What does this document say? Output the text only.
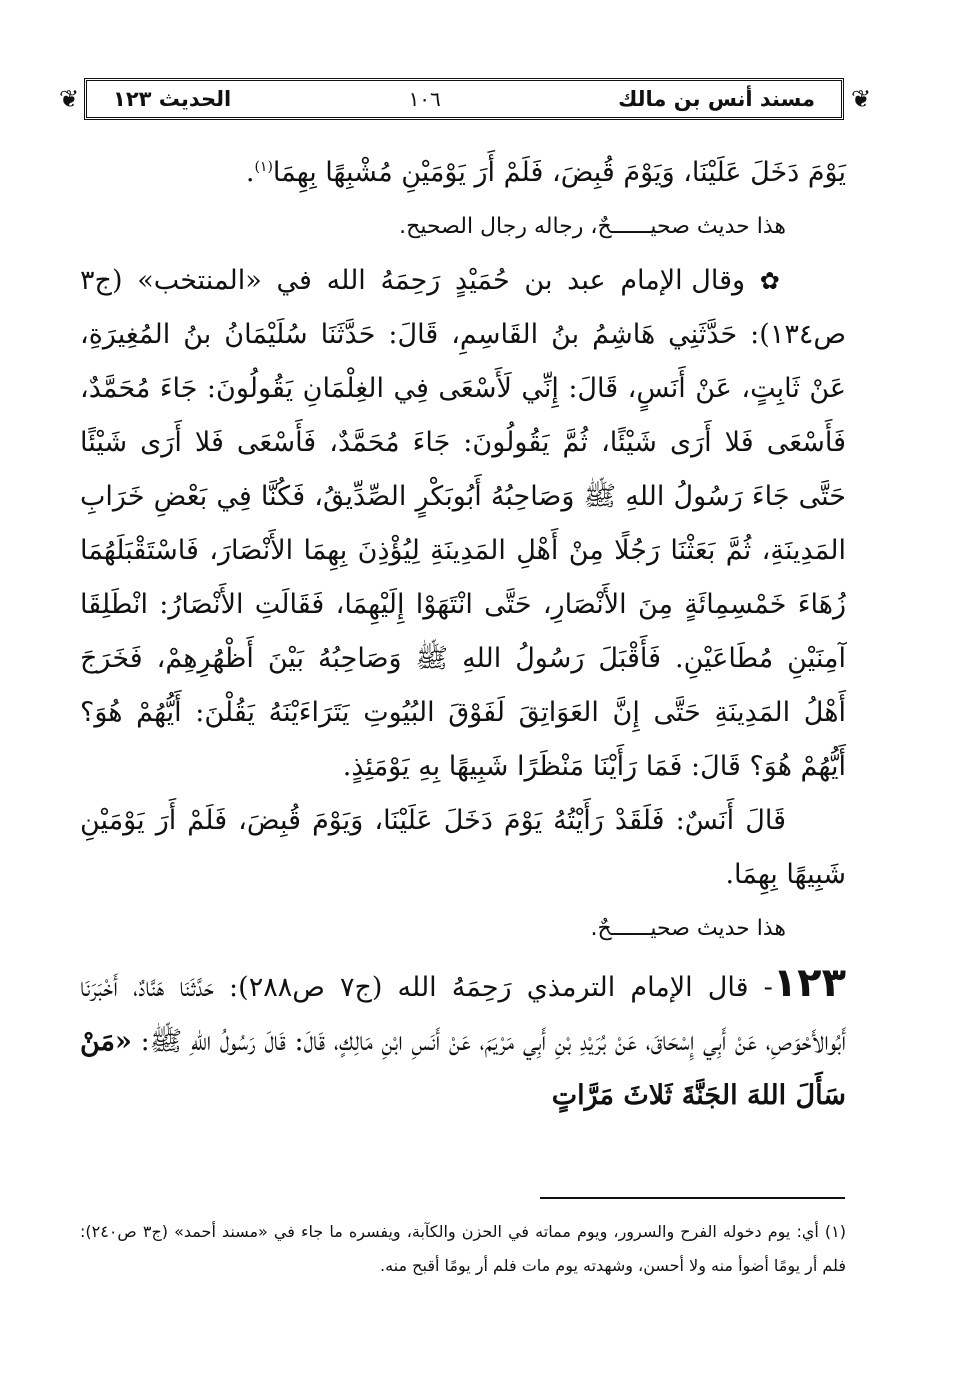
❦	❦
الحديث ١٢٣	١٠٦	مسند أنس بن مالك

يَوْمَ دَخَلَ عَلَيْنَا، وَيَوْمَ قُبِضَ، فَلَمْ أَرَ يَوْمَيْنِ مُشْبِهًا بِهِمَا$^{(١)}$.

هذا حديث صحيــــــحٌ، رجاله رجال الصحيح.

✿ وقال الإمام عبد بن حُمَيْدٍ رَحِمَهُ الله في «المنتخب» (ج٣ ص١٣٤): حَدَّثَنِي هَاشِمُ بنُ القَاسِمِ، قَالَ: حَدَّثَنَا سُلَيْمَانُ بنُ المُغِيرَةِ، عَنْ ثَابِتٍ، عَنْ أَنَسٍ، قَالَ: إِنِّي لَأَسْعَى فِي الغِلْمَانِ يَقُولُونَ: جَاءَ مُحَمَّدٌ، فَأَسْعَى فَلا أَرَى شَيْئًا، ثُمَّ يَقُولُونَ: جَاءَ مُحَمَّدٌ، فَأَسْعَى فَلا أَرَى شَيْئًا حَتَّى جَاءَ رَسُولُ اللهِ ﷺ وَصَاحِبُهُ أَبُوبَكْرٍ الصِّدِّيقُ، فَكُنَّا فِي بَعْضِ خَرَابِ المَدِينَةِ، ثُمَّ بَعَثْنَا رَجُلًا مِنْ أَهْلِ المَدِينَةِ لِيُؤْذِنَ بِهِمَا الأَنْصَارَ، فَاسْتَقْبَلَهُمَا زُهَاءَ خَمْسِمِائَةٍ مِنَ الأَنْصَارِ، حَتَّى انْتَهَوْا إِلَيْهِمَا، فَقَالَتِ الأَنْصَارُ: انْطَلِقَا آمِنَيْنِ مُطَاعَيْنِ. فَأَقْبَلَ رَسُولُ اللهِ ﷺ وَصَاحِبُهُ بَيْنَ أَظْهُرِهِمْ، فَخَرَجَ أَهْلُ المَدِينَةِ حَتَّى إِنَّ العَوَاتِقَ لَفَوْقَ البُيُوتِ يَتَرَاءَيْنَهُ يَقُلْنَ: أَيُّهُمْ هُوَ؟ أَيُّهُمْ هُوَ؟ قَالَ: فَمَا رَأَيْنَا مَنْظَرًا شَبِيهًا بِهِ يَوْمَئِذٍ.

قَالَ أَنَسٌ: فَلَقَدْ رَأَيْتُهُ يَوْمَ دَخَلَ عَلَيْنَا، وَيَوْمَ قُبِضَ، فَلَمْ أَرَ يَوْمَيْنِ شَبِيهًا بِهِمَا.

هذا حديث صحيــــــحٌ.

١٢٣- قال الإمام الترمذي رَحِمَهُ الله (ج٧ ص٢٨٨): حَدَّثَنَا هَنَّادٌ، أَخْبَرَنَا أَبُوالأَحْوَصِ، عَنْ أَبِي إِسْحَاقَ، عَنْ بُرَيْدِ بْنِ أَبِي مَرْيَمَ، عَنْ أَنَسِ ابْنِ مَالِكٍ، قَالَ: قَالَ رَسُولُ اللهِ ﷺ: «مَنْ سَأَلَ اللهَ الجَنَّةَ ثَلاثَ مَرَّاتٍ

(١) أي: يوم دخوله الفرح والسرور، ويوم مماته في الحزن والكآبة، ويفسره ما جاء في «مسند أحمد» (ج٣ ص٢٤٠): فلم أر يومًا أضوأ منه ولا أحسن، وشهدته يوم مات فلم أر يومًا أقبح منه.
